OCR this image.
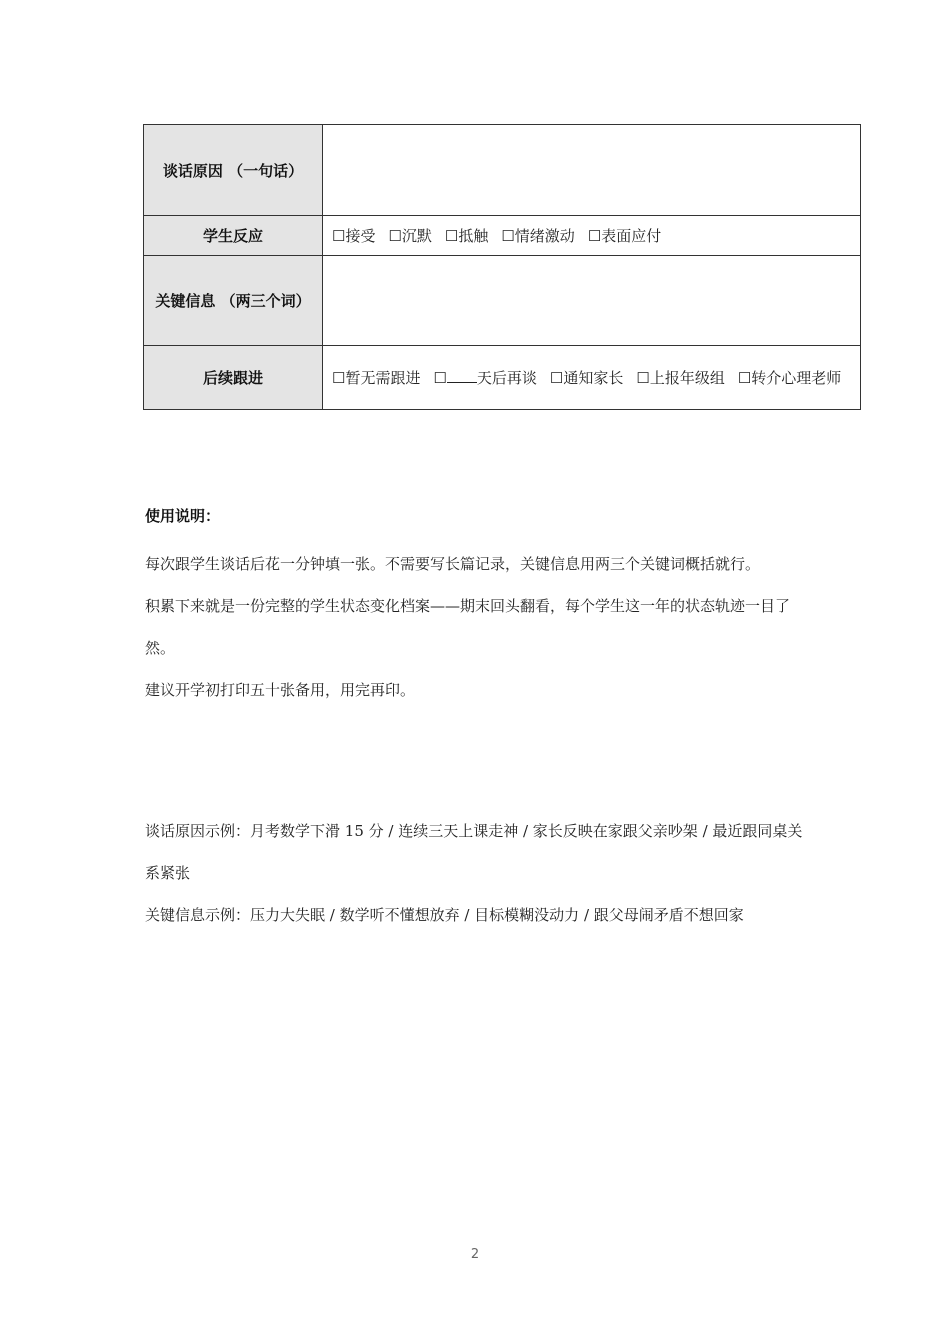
谈话原因 （一句话）	
学生反应	☐接受 ☐沉默 ☐抵触 ☐情绪激动 ☐表面应付
关键信息 （两三个词）	
后续跟进	☐暂无需跟进 ☐ 天后再谈 ☐通知家长 ☐上报年级组 ☐转介心理老师
使用说明：

每次跟学生谈话后花一分钟填一张。不需要写长篇记录，关键信息用两三个关键词概括就行。

积累下来就是一份完整的学生状态变化档案——期末回头翻看，每个学生这一年的状态轨迹一目了然。

建议开学初打印五十张备用，用完再印。

谈话原因示例：月考数学下滑 15 分 / 连续三天上课走神 / 家长反映在家跟父亲吵架 / 最近跟同桌关系紧张

关键信息示例：压力大失眠 / 数学听不懂想放弃 / 目标模糊没动力 / 跟父母闹矛盾不想回家

2
